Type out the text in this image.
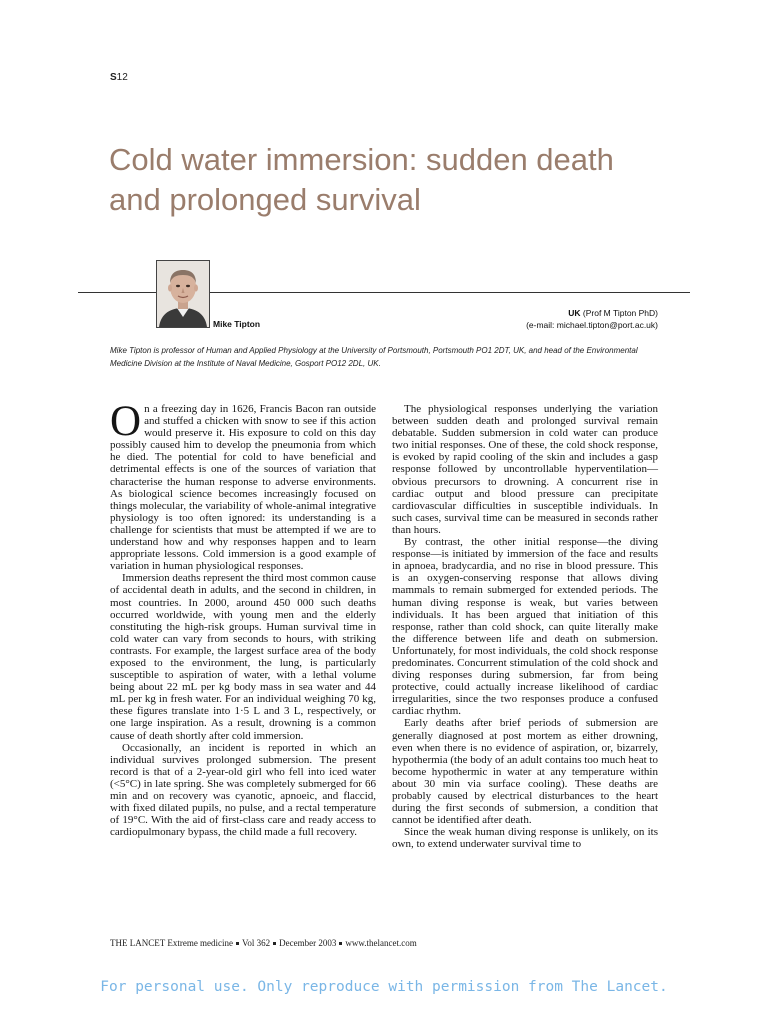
S12
Cold water immersion: sudden death and prolonged survival
Mike Tipton
UK (Prof M Tipton PhD)
(e-mail: michael.tipton@port.ac.uk)

Mike Tipton is professor of Human and Applied Physiology at the University of Portsmouth, Portsmouth PO1 2DT, UK, and head of the Environmental Medicine Division at the Institute of Naval Medicine, Gosport PO12 2DL, UK.

On a freezing day in 1626, Francis Bacon ran outside and stuffed a chicken with snow to see if this action would preserve it. His exposure to cold on this day possibly caused him to develop the pneumonia from which he died. The potential for cold to have beneficial and detrimental effects is one of the sources of variation that characterise the human response to adverse environments. As biological science becomes increasingly focused on things molecular, the variability of whole-animal integrative physiology is too often ignored: its understanding is a challenge for scientists that must be attempted if we are to understand how and why responses happen and to learn appropriate lessons. Cold immersion is a good example of variation in human physiological responses.

Immersion deaths represent the third most common cause of accidental death in adults, and the second in children, in most countries. In 2000, around 450 000 such deaths occurred worldwide, with young men and the elderly constituting the high-risk groups. Human survival time in cold water can vary from seconds to hours, with striking contrasts. For example, the largest surface area of the body exposed to the environment, the lung, is particularly susceptible to aspiration of water, with a lethal volume being about 22 mL per kg body mass in sea water and 44 mL per kg in fresh water. For an individual weighing 70 kg, these figures translate into 1·5 L and 3 L, respectively, or one large inspiration. As a result, drowning is a common cause of death shortly after cold immersion.

Occasionally, an incident is reported in which an individual survives prolonged submersion. The present record is that of a 2-year-old girl who fell into iced water (<5°C) in late spring. She was completely submerged for 66 min and on recovery was cyanotic, apnoeic, and flaccid, with fixed dilated pupils, no pulse, and a rectal temperature of 19°C. With the aid of first-class care and ready access to cardiopulmonary bypass, the child made a full recovery.

The physiological responses underlying the variation between sudden death and prolonged survival remain debatable. Sudden submersion in cold water can produce two initial responses. One of these, the cold shock response, is evoked by rapid cooling of the skin and includes a gasp response followed by uncontrollable hyperventilation—obvious precursors to drowning. A concurrent rise in cardiac output and blood pressure can precipitate cardiovascular difficulties in susceptible individuals. In such cases, survival time can be measured in seconds rather than hours.

By contrast, the other initial response—the diving response—is initiated by immersion of the face and results in apnoea, bradycardia, and no rise in blood pressure. This is an oxygen-conserving response that allows diving mammals to remain submerged for extended periods. The human diving response is weak, but varies between individuals. It has been argued that initiation of this response, rather than cold shock, can quite literally make the difference between life and death on submersion. Unfortunately, for most individuals, the cold shock response predominates. Concurrent stimulation of the cold shock and diving responses during submersion, far from being protective, could actually increase likelihood of cardiac irregularities, since the two responses produce a confused cardiac rhythm.

Early deaths after brief periods of submersion are generally diagnosed at post mortem as either drowning, even when there is no evidence of aspiration, or, bizarrely, hypothermia (the body of an adult contains too much heat to become hypothermic in water at any temperature within about 30 min via surface cooling). These deaths are probably caused by electrical disturbances to the heart during the first seconds of submersion, a condition that cannot be identified after death.

Since the weak human diving response is unlikely, on its own, to extend underwater survival time to

THE LANCET Extreme medicine Vol 362 December 2003 www.thelancet.com
For personal use. Only reproduce with permission from The Lancet.
